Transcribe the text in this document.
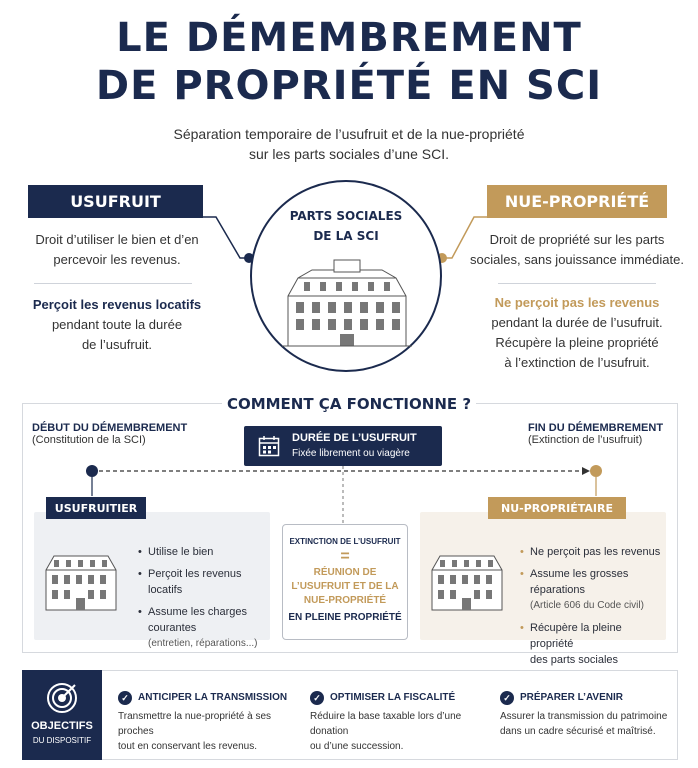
LE DÉMEMBREMENT
DE PROPRIÉTÉ EN SCI
Séparation temporaire de l’usufruit et de la nue-propriété
sur les parts sociales d’une SCI.
USUFRUIT
Droit d’utiliser le bien et d’en
percevoir les revenus.
Perçoit les revenus locatifs
pendant toute la durée
de l’usufruit.
PARTS SOCIALES
DE LA SCI
NUE-PROPRIÉTÉ
Droit de propriété sur les parts
sociales, sans jouissance immédiate.
Ne perçoit pas les revenus
pendant la durée de l’usufruit.
Récupère la pleine propriété
à l’extinction de l’usufruit.
COMMENT ÇA FONCTIONNE ?
DÉBUT DU DÉMEMBREMENT
(Constitution de la SCI)
FIN DU DÉMEMBREMENT
(Extinction de l’usufruit)
DURÉE DE L’USUFRUIT
Fixée librement ou viagère
• Utilise le bien
• Perçoit les revenus locatifs
• Assume les charges courantes
(entretien, réparations...)
USUFRUITIER
EXTINCTION DE L’USUFRUIT
=
RÉUNION DE
L’USUFRUIT ET DE LA
NUE-PROPRIÉTÉ
EN PLEINE PROPRIÉTÉ
• Ne perçoit pas les revenus
• Assume les grosses réparations
(Article 606 du Code civil)
• Récupère la pleine propriété
des parts sociales
NU-PROPRIÉTAIRE
OBJECTIFS
DU DISPOSITIF
✓ ANTICIPER LA TRANSMISSION
Transmettre la nue-propriété à ses proches
tout en conservant les revenus.
✓ OPTIMISER LA FISCALITÉ
Réduire la base taxable lors d’une donation
ou d’une succession.
✓ PRÉPARER L’AVENIR
Assurer la transmission du patrimoine
dans un cadre sécurisé et maîtrisé.
